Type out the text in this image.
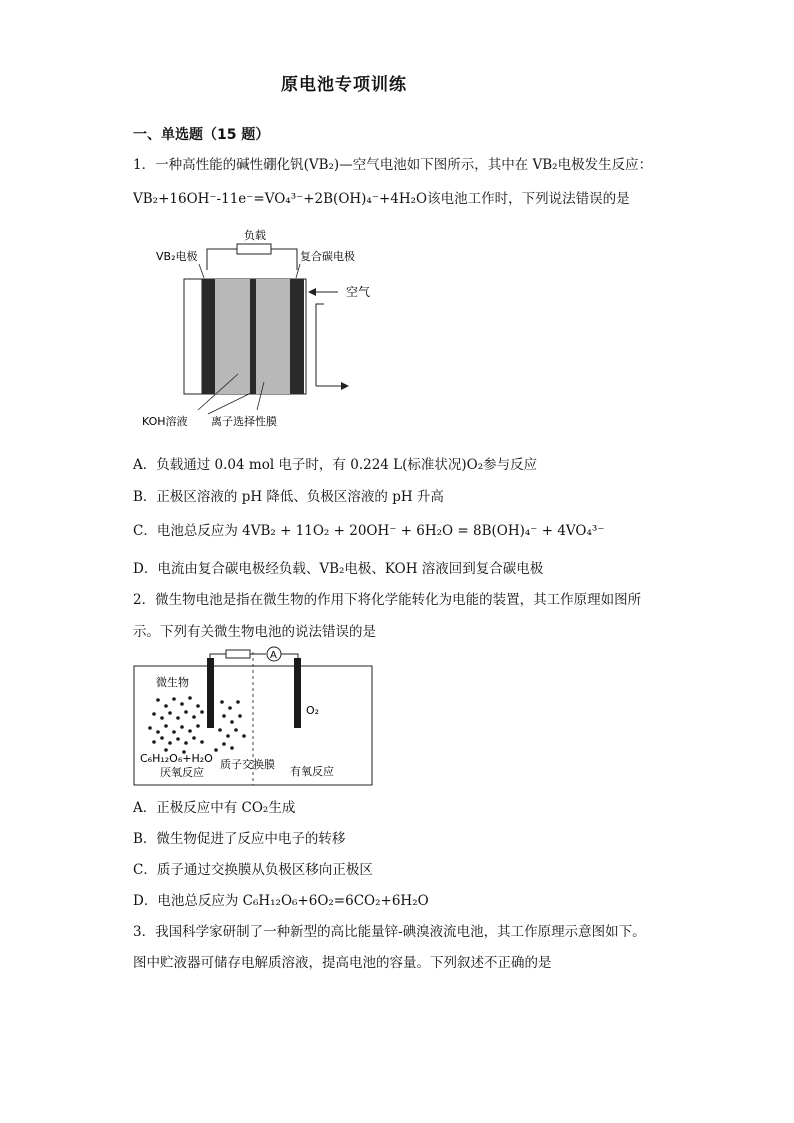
原电池专项训练
一、单选题（15 题）
1．一种高性能的碱性硼化钒(VB₂)—空气电池如下图所示，其中在 VB₂电极发生反应：
VB₂+16OH⁻-11e⁻=VO₄³⁻+2B(OH)₄⁻+4H₂O该电池工作时，下列说法错误的是
负载
VB₂电极	复合碳电极
空气
KOH溶液 离子选择性膜
A．负载通过 0.04 mol 电子时，有 0.224 L(标准状况)O₂参与反应
B．正极区溶液的 pH 降低、负极区溶液的 pH 升高
C．电池总反应为 4VB₂ + 11O₂ + 20OH⁻ + 6H₂O = 8B(OH)₄⁻ + 4VO₄³⁻
D．电流由复合碳电极经负载、VB₂电极、KOH 溶液回到复合碳电极
2．微生物电池是指在微生物的作用下将化学能转化为电能的装置，其工作原理如图所
示。下列有关微生物电池的说法错误的是
A
微生物
O₂
C₆H₁₂O₆+H₂O
厌氧反应
质子交换膜
有氧反应
A．正极反应中有 CO₂生成
B．微生物促进了反应中电子的转移
C．质子通过交换膜从负极区移向正极区
D．电池总反应为 C₆H₁₂O₆+6O₂=6CO₂+6H₂O
3．我国科学家研制了一种新型的高比能量锌-碘溴液流电池，其工作原理示意图如下。
图中贮液器可储存电解质溶液，提高电池的容量。下列叙述不正确的是
